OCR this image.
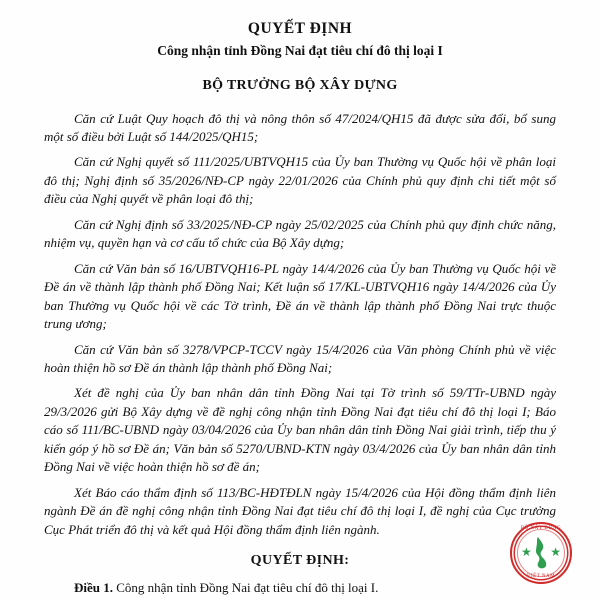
QUYẾT ĐỊNH
Công nhận tỉnh Đồng Nai đạt tiêu chí đô thị loại I
BỘ TRƯỞNG BỘ XÂY DỰNG

Căn cứ Luật Quy hoạch đô thị và nông thôn số 47/2024/QH15 đã được sửa đổi, bổ sung một số điều bởi Luật số 144/2025/QH15;

Căn cứ Nghị quyết số 111/2025/UBTVQH15 của Ủy ban Thường vụ Quốc hội về phân loại đô thị; Nghị định số 35/2026/NĐ-CP ngày 22/01/2026 của Chính phủ quy định chi tiết một số điều của Nghị quyết về phân loại đô thị;

Căn cứ Nghị định số 33/2025/NĐ-CP ngày 25/02/2025 của Chính phủ quy định chức năng, nhiệm vụ, quyền hạn và cơ cấu tổ chức của Bộ Xây dựng;

Căn cứ Văn bản số 16/UBTVQH16-PL ngày 14/4/2026 của Ủy ban Thường vụ Quốc hội về Đề án về thành lập thành phố Đồng Nai; Kết luận số 17/KL-UBTVQH16 ngày 14/4/2026 của Ủy ban Thường vụ Quốc hội về các Tờ trình, Đề án về thành lập thành phố Đồng Nai trực thuộc trung ương;

Căn cứ Văn bản số 3278/VPCP-TCCV ngày 15/4/2026 của Văn phòng Chính phủ về việc hoàn thiện hồ sơ Đề án thành lập thành phố Đồng Nai;

Xét đề nghị của Ủy ban nhân dân tỉnh Đồng Nai tại Tờ trình số 59/TTr-UBND ngày 29/3/2026 gửi Bộ Xây dựng về đề nghị công nhận tỉnh Đồng Nai đạt tiêu chí đô thị loại I; Báo cáo số 111/BC-UBND ngày 03/04/2026 của Ủy ban nhân dân tỉnh Đồng Nai giải trình, tiếp thu ý kiến góp ý hồ sơ Đề án; Văn bản số 5270/UBND-KTN ngày 03/4/2026 của Ủy ban nhân dân tỉnh Đồng Nai về việc hoàn thiện hồ sơ đề án;

Xét Báo cáo thẩm định số 113/BC-HĐTĐLN ngày 15/4/2026 của Hội đồng thẩm định liên ngành Đề án đề nghị công nhận tỉnh Đồng Nai đạt tiêu chí đô thị loại I, đề nghị của Cục trưởng Cục Phát triển đô thị và kết quả Hội đồng thẩm định liên ngành.

QUYẾT ĐỊNH:

Điều 1. Công nhận tỉnh Đồng Nai đạt tiêu chí đô thị loại I.

BỘ XÂY DỰNG
VIỆT NAM
★ ★
